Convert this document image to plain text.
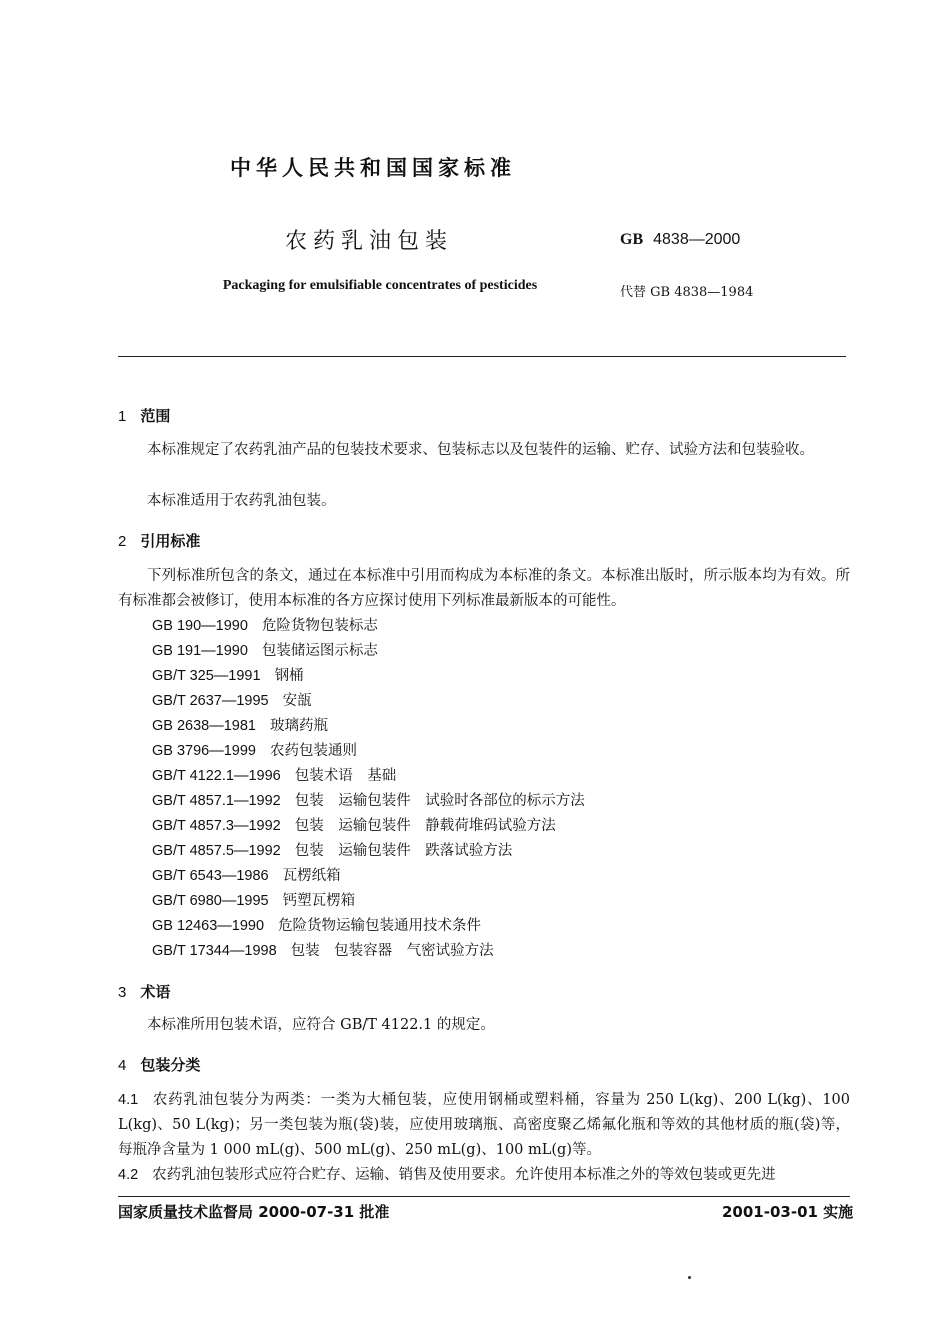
中华人民共和国国家标准
农药乳油包装	GB 4838—2000
Packaging for emulsifiable concentrates of pesticides	代替 GB 4838—1984
1 范围
本标准规定了农药乳油产品的包装技术要求、包装标志以及包装件的运输、贮存、试验方法和包装验收。
本标准适用于农药乳油包装。
2 引用标准
下列标准所包含的条文，通过在本标准中引用而构成为本标准的条文。本标准出版时，所示版本均为有效。所有标准都会被修订，使用本标准的各方应探讨使用下列标准最新版本的可能性。
GB 190—1990 危险货物包装标志
GB 191—1990 包装储运图示标志
GB/T 325—1991 钢桶
GB/T 2637—1995 安瓿
GB 2638—1981 玻璃药瓶
GB 3796—1999 农药包装通则
GB/T 4122.1—1996 包装术语　基础
GB/T 4857.1—1992 包装　运输包装件　试验时各部位的标示方法
GB/T 4857.3—1992 包装　运输包装件　静载荷堆码试验方法
GB/T 4857.5—1992 包装　运输包装件　跌落试验方法
GB/T 6543—1986 瓦楞纸箱
GB/T 6980—1995 钙塑瓦楞箱
GB 12463—1990 危险货物运输包装通用技术条件
GB/T 17344—1998 包装　包装容器　气密试验方法
3 术语
本标准所用包装术语，应符合 GB/T 4122.1 的规定。
4 包装分类
4.1 农药乳油包装分为两类：一类为大桶包装，应使用钢桶或塑料桶，容量为 250 L(kg)、200 L(kg)、100 L(kg)、50 L(kg)；另一类包装为瓶(袋)装，应使用玻璃瓶、高密度聚乙烯氟化瓶和等效的其他材质的瓶(袋)等，每瓶净含量为 1 000 mL(g)、500 mL(g)、250 mL(g)、100 mL(g)等。
4.2 农药乳油包装形式应符合贮存、运输、销售及使用要求。允许使用本标准之外的等效包装或更先进
国家质量技术监督局 2000-07-31 批准	2001-03-01 实施
